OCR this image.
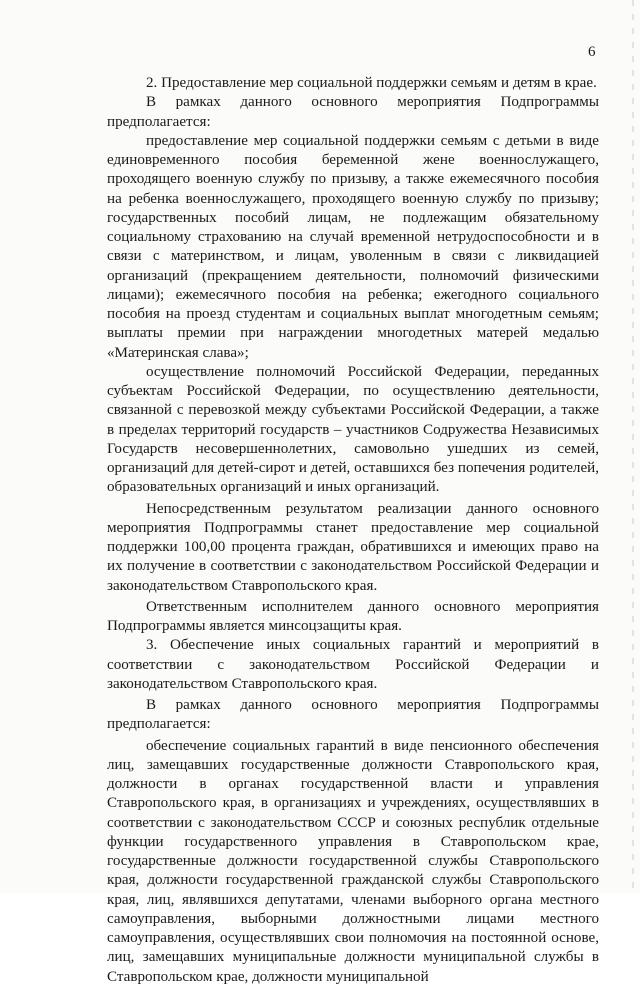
6

2. Предоставление мер социальной поддержки семьям и детям в крае.

В рамках данного основного мероприятия Подпрограммы предполагается:

предоставление мер социальной поддержки семьям с детьми в виде единовременного пособия беременной жене военнослужащего, проходящего военную службу по призыву, а также ежемесячного пособия на ребенка военнослужащего, проходящего военную службу по призыву; государственных пособий лицам, не подлежащим обязательному социальному страхованию на случай временной нетрудоспособности и в связи с материнством, и лицам, уволенным в связи с ликвидацией организаций (прекращением деятельности, полномочий физическими лицами); ежемесячного пособия на ребенка; ежегодного социального пособия на проезд студентам и социальных выплат многодетным семьям; выплаты премии при награждении многодетных матерей медалью «Материнская слава»;

осуществление полномочий Российской Федерации, переданных субъектам Российской Федерации, по осуществлению деятельности, связанной с перевозкой между субъектами Российской Федерации, а также в пределах территорий государств – участников Содружества Независимых Государств несовершеннолетних, самовольно ушедших из семей, организаций для детей-сирот и детей, оставшихся без попечения родителей, образовательных организаций и иных организаций.

Непосредственным результатом реализации данного основного мероприятия Подпрограммы станет предоставление мер социальной поддержки 100,00 процента граждан, обратившихся и имеющих право на их получение в соответствии с законодательством Российской Федерации и законодательством Ставропольского края.

Ответственным исполнителем данного основного мероприятия Подпрограммы является минсоцзащиты края.

3. Обеспечение иных социальных гарантий и мероприятий в соответствии с законодательством Российской Федерации и законодательством Ставропольского края.

В рамках данного основного мероприятия Подпрограммы предполагается:

обеспечение социальных гарантий в виде пенсионного обеспечения лиц, замещавших государственные должности Ставропольского края, должности в органах государственной власти и управления Ставропольского края, в организациях и учреждениях, осуществлявших в соответствии с законодательством СССР и союзных республик отдельные функции государственного управления в Ставропольском крае, государственные должности государственной службы Ставропольского края, должности государственной гражданской службы Ставропольского края, лиц, являвшихся депутатами, членами выборного органа местного самоуправления, выборными должностными лицами местного самоуправления, осуществлявших свои полномочия на постоянной основе, лиц, замещавших муниципальные должности муниципальной службы в Ставропольском крае, должности муниципальной
